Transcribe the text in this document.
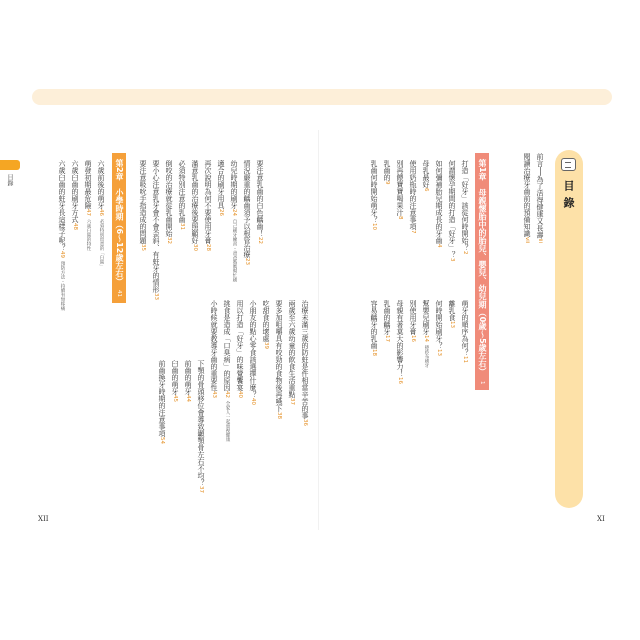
目錄
XII	XI
目錄
前言──為了活得健康又長壽iii
閱讀治療牙齒前的預備知識vii
第1章　母親懷胎中的胎兒、嬰兒、幼兒期（0歲～5歲左右）
1
打造「好牙」該從何時開始？2
何謂懷孕期間的打造「好牙」？3
如何彌補胎兒期成長的牙齒4
母乳最好6
使用奶瓶時的注意事項7
別再餵寶寶喝果汁8
乳齒的9
乳齒何時開始萌牙？10
萌牙的順序為何？11
離乳食13
何時開始刷牙？13
幫嬰兒刷牙14捲紗布刷牙
別使用牙膏16
母親有著莫大的影響力！16
乳齒的齲牙17
容易齲牙的乳齒18
要注意乳齒的白色齲齒！22
情況嚴重的齲齒須予以根管治療23
幼兒時期的刷牙24自己刷牙練習・爸爸媽媽幫忙刷
適合的刷牙用具26
再次說明為何不要使用牙膏28
滿意乳齒的治療後要照顧好30
必須特別注意的乳齒31
倒咬的治療就從乳齒開始32
要小心注意乳牙會不會歪斜、有蛀牙的情形33
要注意吸吮手指造成的問題35
治療未滿三歲的防蛀是件相當辛苦的事36
兩歲至六歲幼童的飲食生活重點37
要多加咀嚼具有咬勁的食物後再嚥下38
吃甜食的壞處39
小朋友的點心零食該選擇什麼？40
用以打造「好牙」的味覺饗宴40
挑食是造成「口臭病」的原因42全家人一起重視健康
小時候就要教導牙齒的重要性43
第2章　小學時期（6～12歲左右）
41
六歲前後的萌牙46必須特別留意的「臼齒」
萌發初期最危險47六歲臼齒的特性
六歲臼齒的刷牙方式48
六歲臼齒的蛀牙長這樣子呢？49預防方法・持續有無疼痛
下顎的骨頭移位會導致顳顎骨左右不均？37
前齒的萌牙44
臼齒的萌牙45
前齒換牙時期的注意事項54
